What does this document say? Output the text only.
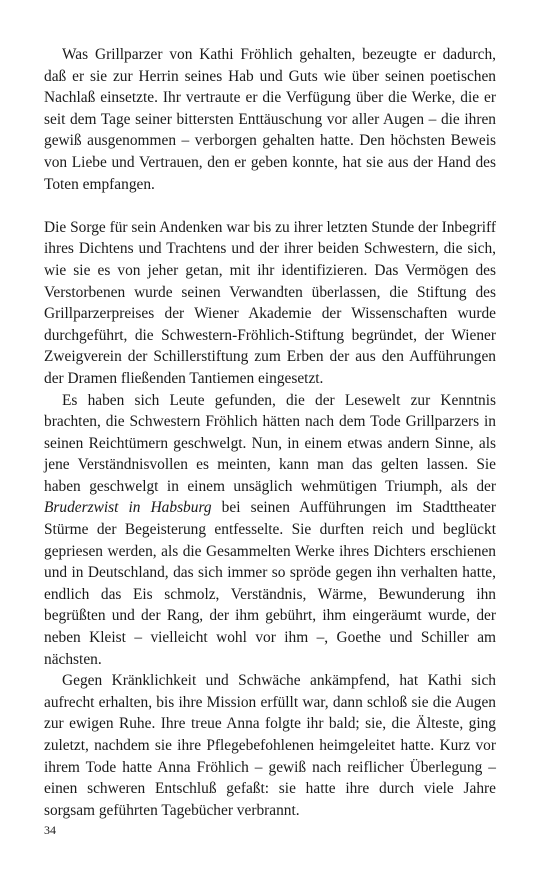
Was Grillparzer von Kathi Fröhlich gehalten, bezeugte er dadurch, daß er sie zur Herrin seines Hab und Guts wie über seinen poetischen Nachlaß einsetzte. Ihr vertraute er die Verfügung über die Werke, die er seit dem Tage seiner bittersten Enttäuschung vor aller Augen – die ihren gewiß ausgenommen – verborgen gehalten hatte. Den höchsten Beweis von Liebe und Vertrauen, den er geben konnte, hat sie aus der Hand des Toten empfangen.

Die Sorge für sein Andenken war bis zu ihrer letzten Stunde der Inbegriff ihres Dichtens und Trachtens und der ihrer beiden Schwestern, die sich, wie sie es von jeher getan, mit ihr identifizieren. Das Vermögen des Verstorbenen wurde seinen Verwandten überlassen, die Stiftung des Grillparzerpreises der Wiener Akademie der Wissenschaften wurde durchgeführt, die Schwestern-Fröhlich-Stiftung begründet, der Wiener Zweigverein der Schillerstiftung zum Erben der aus den Aufführungen der Dramen fließenden Tantiemen eingesetzt.

Es haben sich Leute gefunden, die der Lesewelt zur Kenntnis brachten, die Schwestern Fröhlich hätten nach dem Tode Grillparzers in seinen Reichtümern geschwelgt. Nun, in einem etwas andern Sinne, als jene Verständnisvollen es meinten, kann man das gelten lassen. Sie haben geschwelgt in einem unsäglich wehmütigen Triumph, als der Bruderzwist in Habsburg bei seinen Aufführungen im Stadttheater Stürme der Begeisterung entfesselte. Sie durften reich und beglückt gepriesen werden, als die Gesammelten Werke ihres Dichters erschienen und in Deutschland, das sich immer so spröde gegen ihn verhalten hatte, endlich das Eis schmolz, Verständnis, Wärme, Bewunderung ihn begrüßten und der Rang, der ihm gebührt, ihm eingeräumt wurde, der neben Kleist – vielleicht wohl vor ihm –, Goethe und Schiller am nächsten.

Gegen Kränklichkeit und Schwäche ankämpfend, hat Kathi sich aufrecht erhalten, bis ihre Mission erfüllt war, dann schloß sie die Augen zur ewigen Ruhe. Ihre treue Anna folgte ihr bald; sie, die Älteste, ging zuletzt, nachdem sie ihre Pflegebefohlenen heimgeleitet hatte. Kurz vor ihrem Tode hatte Anna Fröhlich – gewiß nach reiflicher Überlegung – einen schweren Entschluß gefaßt: sie hatte ihre durch viele Jahre sorgsam geführten Tagebücher verbrannt.

34
